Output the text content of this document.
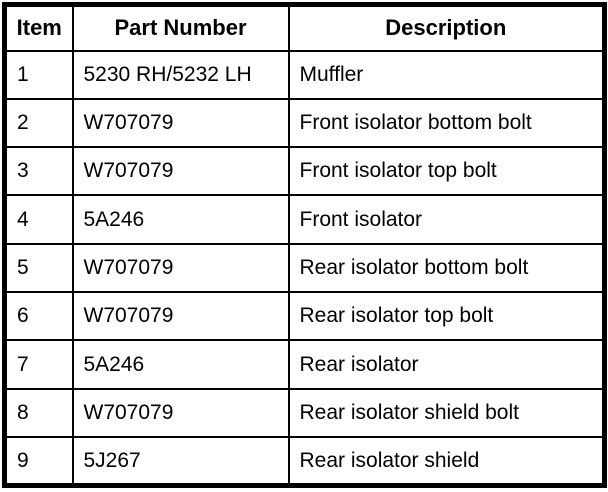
Item	Part Number	Description
1	5230 RH/5232 LH	Muffler
2	W707079	Front isolator bottom bolt
3	W707079	Front isolator top bolt
4	5A246	Front isolator
5	W707079	Rear isolator bottom bolt
6	W707079	Rear isolator top bolt
7	5A246	Rear isolator
8	W707079	Rear isolator shield bolt
9	5J267	Rear isolator shield
